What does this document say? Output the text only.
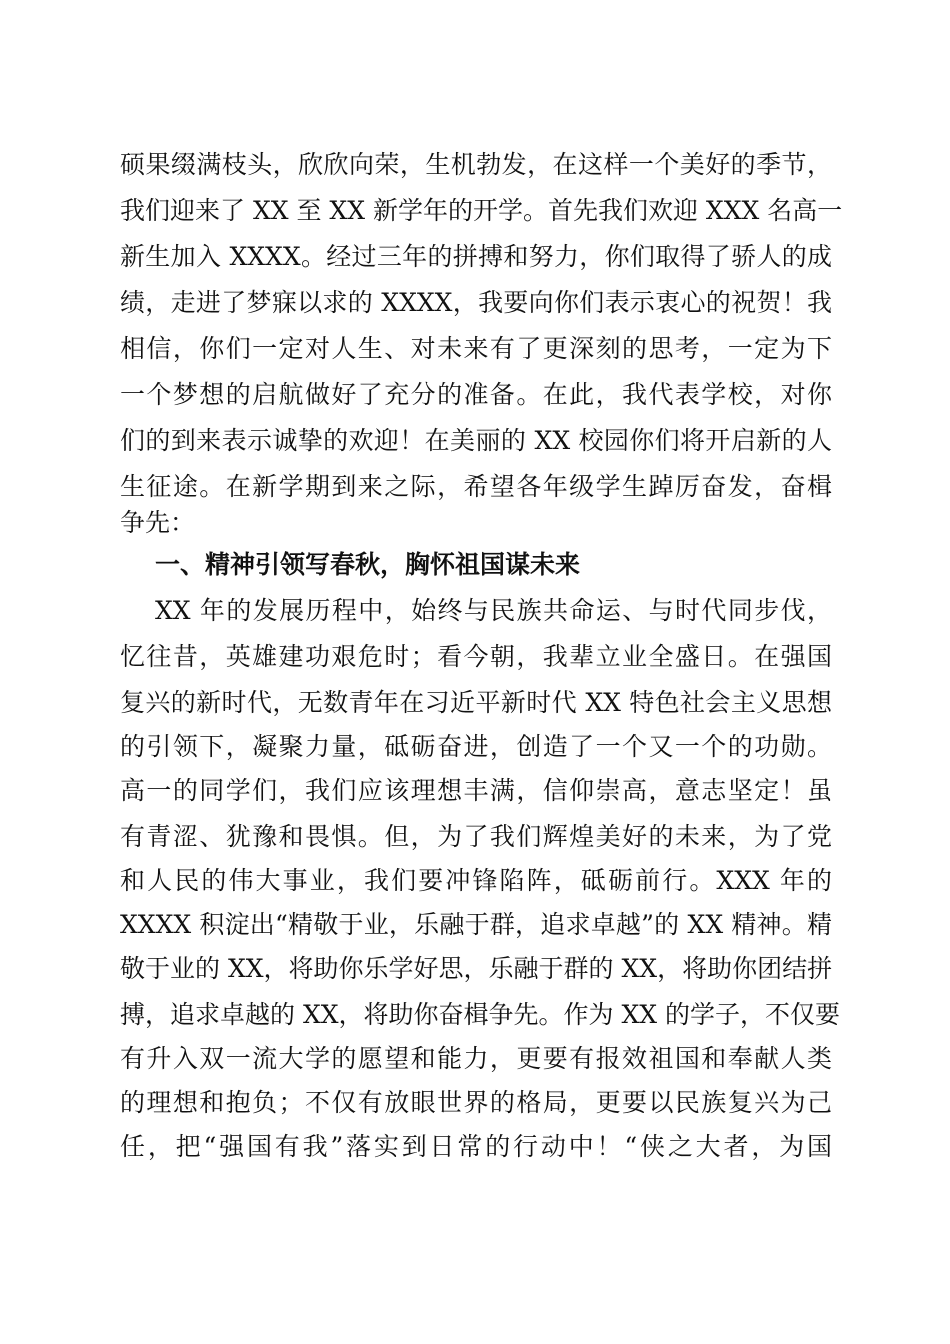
硕果缀满枝头，欣欣向荣，生机勃发，在这样一个美好的季节，
我们迎来了 XX 至 XX 新学年的开学。首先我们欢迎 XXX 名高一
新生加入 XXXX。经过三年的拼搏和努力，你们取得了骄人的成
绩，走进了梦寐以求的 XXXX，我要向你们表示衷心的祝贺！我
相信，你们一定对人生、对未来有了更深刻的思考，一定为下
一个梦想的启航做好了充分的准备。在此，我代表学校，对你
们的到来表示诚挚的欢迎！在美丽的 XX 校园你们将开启新的人
生征途。在新学期到来之际，希望各年级学生踔厉奋发，奋楫
争先：
一、精神引领写春秋，胸怀祖国谋未来
XX 年的发展历程中，始终与民族共命运、与时代同步伐，
忆往昔，英雄建功艰危时；看今朝，我辈立业全盛日。在强国
复兴的新时代，无数青年在习近平新时代 XX 特色社会主义思想
的引领下，凝聚力量，砥砺奋进，创造了一个又一个的功勋。
高一的同学们，我们应该理想丰满，信仰崇高，意志坚定！虽
有青涩、犹豫和畏惧。但，为了我们辉煌美好的未来，为了党
和人民的伟大事业，我们要冲锋陷阵，砥砺前行。XXX 年的
XXXX 积淀出“精敬于业，乐融于群，追求卓越”的 XX 精神。精
敬于业的 XX，将助你乐学好思，乐融于群的 XX，将助你团结拼
搏，追求卓越的 XX，将助你奋楫争先。作为 XX 的学子，不仅要
有升入双一流大学的愿望和能力，更要有报效祖国和奉献人类
的理想和抱负；不仅有放眼世界的格局，更要以民族复兴为己
任，把“强国有我”落实到日常的行动中！“侠之大者，为国
